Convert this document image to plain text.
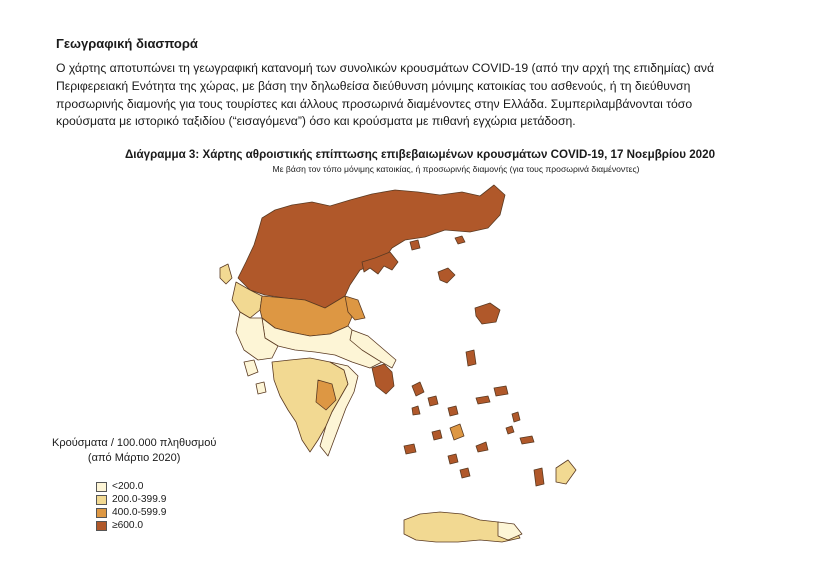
Γεωγραφική διασπορά
Ο χάρτης αποτυπώνει τη γεωγραφική κατανομή των συνολικών κρουσμάτων COVID-19 (από την αρχή της επιδημίας) ανά
Περιφερειακή Ενότητα της χώρας, με βάση την δηλωθείσα διεύθυνση μόνιμης κατοικίας του ασθενούς, ή τη διεύθυνση
προσωρινής διαμονής για τους τουρίστες και άλλους προσωρινά διαμένοντες στην Ελλάδα. Συμπεριλαμβάνονται τόσο
κρούσματα με ιστορικό ταξιδίου (“εισαγόμενα”) όσο και κρούσματα με πιθανή εγχώρια μετάδοση.
Διάγραμμα 3: Χάρτης αθροιστικής επίπτωσης επιβεβαιωμένων κρουσμάτων COVID-19, 17 Νοεμβρίου 2020
Με βάση τον τόπο μόνιμης κατοικίας, ή προσωρινής διαμονής (για τους προσωρινά διαμένοντες)
Κρούσματα / 100.000 πληθυσμού
(από Μάρτιο 2020)
<200.0
200.0-399.9
400.0-599.9
≥600.0
